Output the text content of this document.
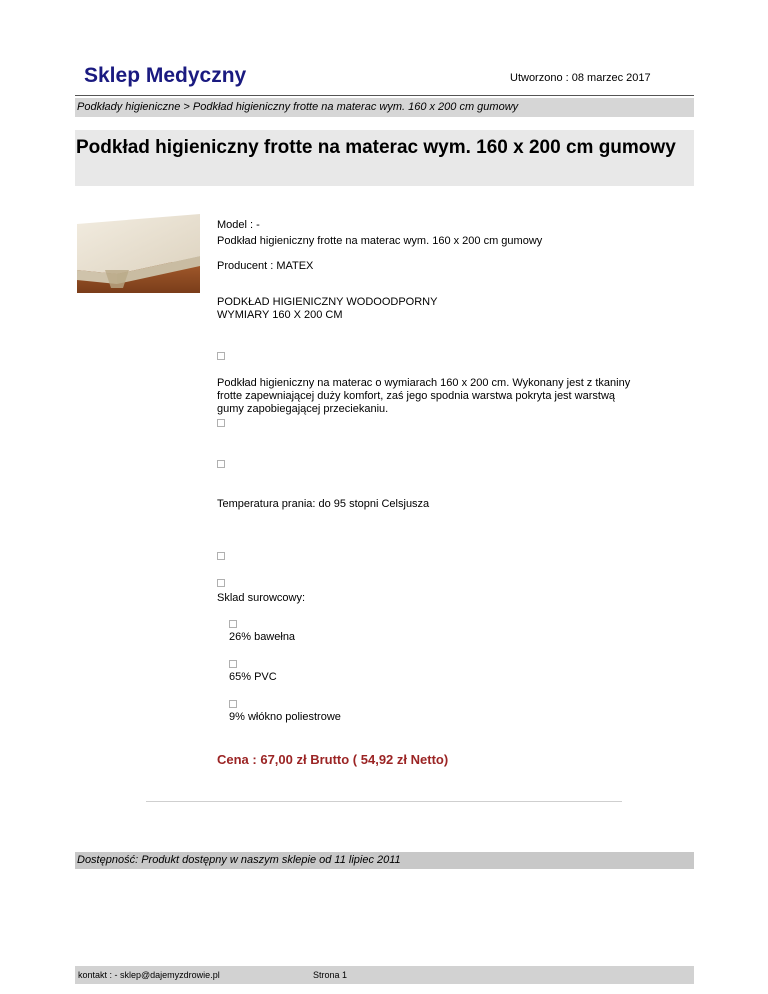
Sklep Medyczny	Utworzono : 08 marzec 2017
Podkłady higieniczne > Podkład higieniczny frotte na materac wym. 160 x 200 cm gumowy
Podkład higieniczny frotte na materac wym. 160 x 200 cm gumowy
Model : -
Podkład higieniczny frotte na materac wym. 160 x 200 cm gumowy
Producent : MATEX
PODKŁAD HIGIENICZNY WODOODPORNY
WYMIARY 160 X 200 CM
Podkład higieniczny na materac o wymiarach 160 x 200 cm. Wykonany jest z tkaniny
frotte zapewniającej duży komfort, zaś jego spodnia warstwa pokryta jest warstwą
gumy zapobiegającej przeciekaniu.
Temperatura prania: do 95 stopni Celsjusza
Sklad surowcowy:
26% bawełna
65% PVC
9% włókno poliestrowe
Cena : 67,00 zł Brutto ( 54,92 zł Netto)
Dostępność: Produkt dostępny w naszym sklepie od 11 lipiec 2011
kontakt : - sklep@dajemyzdrowie.pl	Strona 1
